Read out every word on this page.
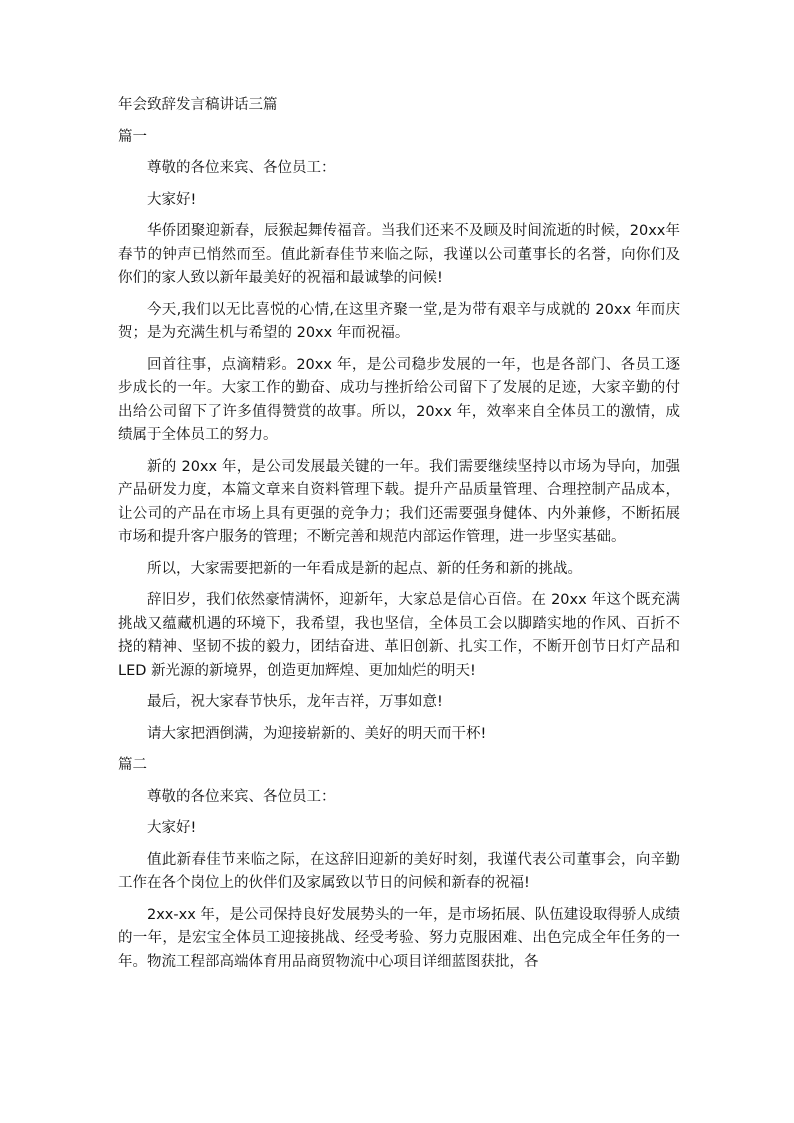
年会致辞发言稿讲话三篇
篇一

尊敬的各位来宾、各位员工：

大家好!

华侨团聚迎新春，辰猴起舞传福音。当我们还来不及顾及时间流逝的时候，20xx年春节的钟声已悄然而至。值此新春佳节来临之际，我谨以公司董事长的名誉，向你们及你们的家人致以新年最美好的祝福和最诚挚的问候!

今天,我们以无比喜悦的心情,在这里齐聚一堂,是为带有艰辛与成就的 20xx 年而庆贺；是为充满生机与希望的 20xx 年而祝福。

回首往事，点滴精彩。20xx 年，是公司稳步发展的一年，也是各部门、各员工逐步成长的一年。大家工作的勤奋、成功与挫折给公司留下了发展的足迹，大家辛勤的付出给公司留下了许多值得赞赏的故事。所以，20xx 年，效率来自全体员工的激情，成绩属于全体员工的努力。

新的 20xx 年，是公司发展最关键的一年。我们需要继续坚持以市场为导向，加强产品研发力度，本篇文章来自资料管理下载。提升产品质量管理、合理控制产品成本，让公司的产品在市场上具有更强的竞争力；我们还需要强身健体、内外兼修，不断拓展市场和提升客户服务的管理；不断完善和规范内部运作管理，进一步坚实基础。

所以，大家需要把新的一年看成是新的起点、新的任务和新的挑战。

辞旧岁，我们依然豪情满怀，迎新年，大家总是信心百倍。在 20xx 年这个既充满挑战又蕴藏机遇的环境下，我希望，我也坚信，全体员工会以脚踏实地的作风、百折不挠的精神、坚韧不拔的毅力，团结奋进、革旧创新、扎实工作，不断开创节日灯产品和 LED 新光源的新境界，创造更加辉煌、更加灿烂的明天!

最后，祝大家春节快乐，龙年吉祥，万事如意!

请大家把酒倒满，为迎接崭新的、美好的明天而干杯!

篇二

尊敬的各位来宾、各位员工：

大家好!

值此新春佳节来临之际，在这辞旧迎新的美好时刻，我谨代表公司董事会，向辛勤工作在各个岗位上的伙伴们及家属致以节日的问候和新春的祝福!

2xx-xx 年，是公司保持良好发展势头的一年，是市场拓展、队伍建设取得骄人成绩的一年，是宏宝全体员工迎接挑战、经受考验、努力克服困难、出色完成全年任务的一年。物流工程部高端体育用品商贸物流中心项目详细蓝图获批，各
